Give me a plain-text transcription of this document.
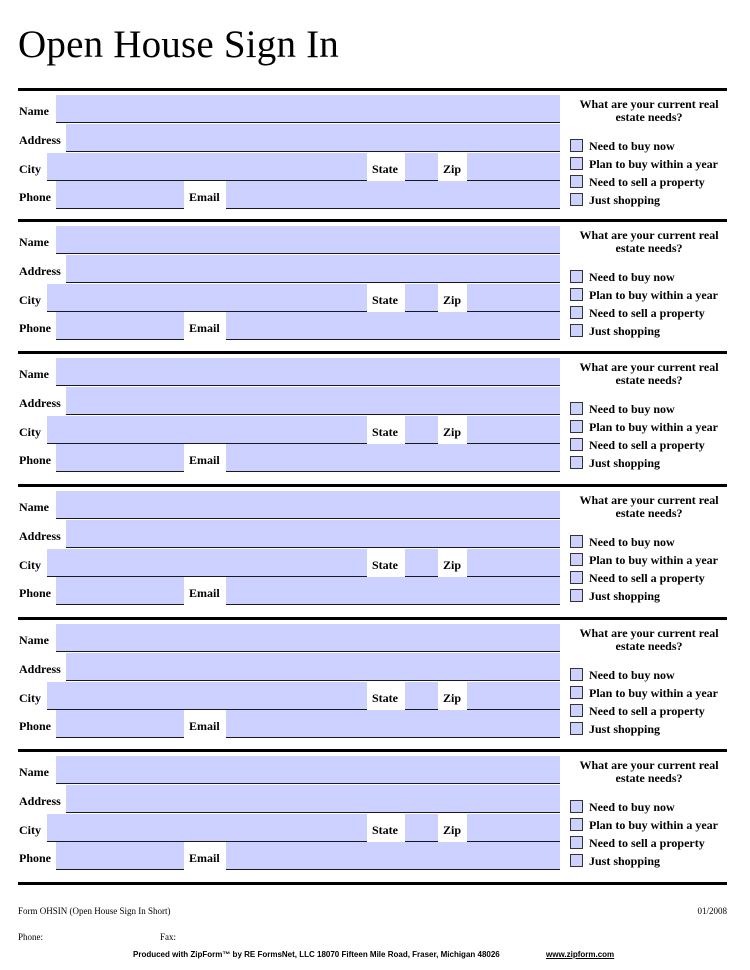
Open House Sign In
Name
Address
City	State	Zip
Phone	Email
What are your current real estate needs?
Need to buy now
Plan to buy within a year
Need to sell a property
Just shopping
Name
Address
City	State	Zip
Phone	Email
What are your current real estate needs?
Need to buy now
Plan to buy within a year
Need to sell a property
Just shopping
Name
Address
City	State	Zip
Phone	Email
What are your current real estate needs?
Need to buy now
Plan to buy within a year
Need to sell a property
Just shopping
Name
Address
City	State	Zip
Phone	Email
What are your current real estate needs?
Need to buy now
Plan to buy within a year
Need to sell a property
Just shopping
Name
Address
City	State	Zip
Phone	Email
What are your current real estate needs?
Need to buy now
Plan to buy within a year
Need to sell a property
Just shopping
Name
Address
City	State	Zip
Phone	Email
What are your current real estate needs?
Need to buy now
Plan to buy within a year
Need to sell a property
Just shopping
Form OHSIN (Open House Sign In Short)	01/2008
Phone:	Fax:
Produced with ZipForm™ by RE FormsNet, LLC 18070 Fifteen Mile Road, Fraser, Michigan 48026	www.zipform.com
